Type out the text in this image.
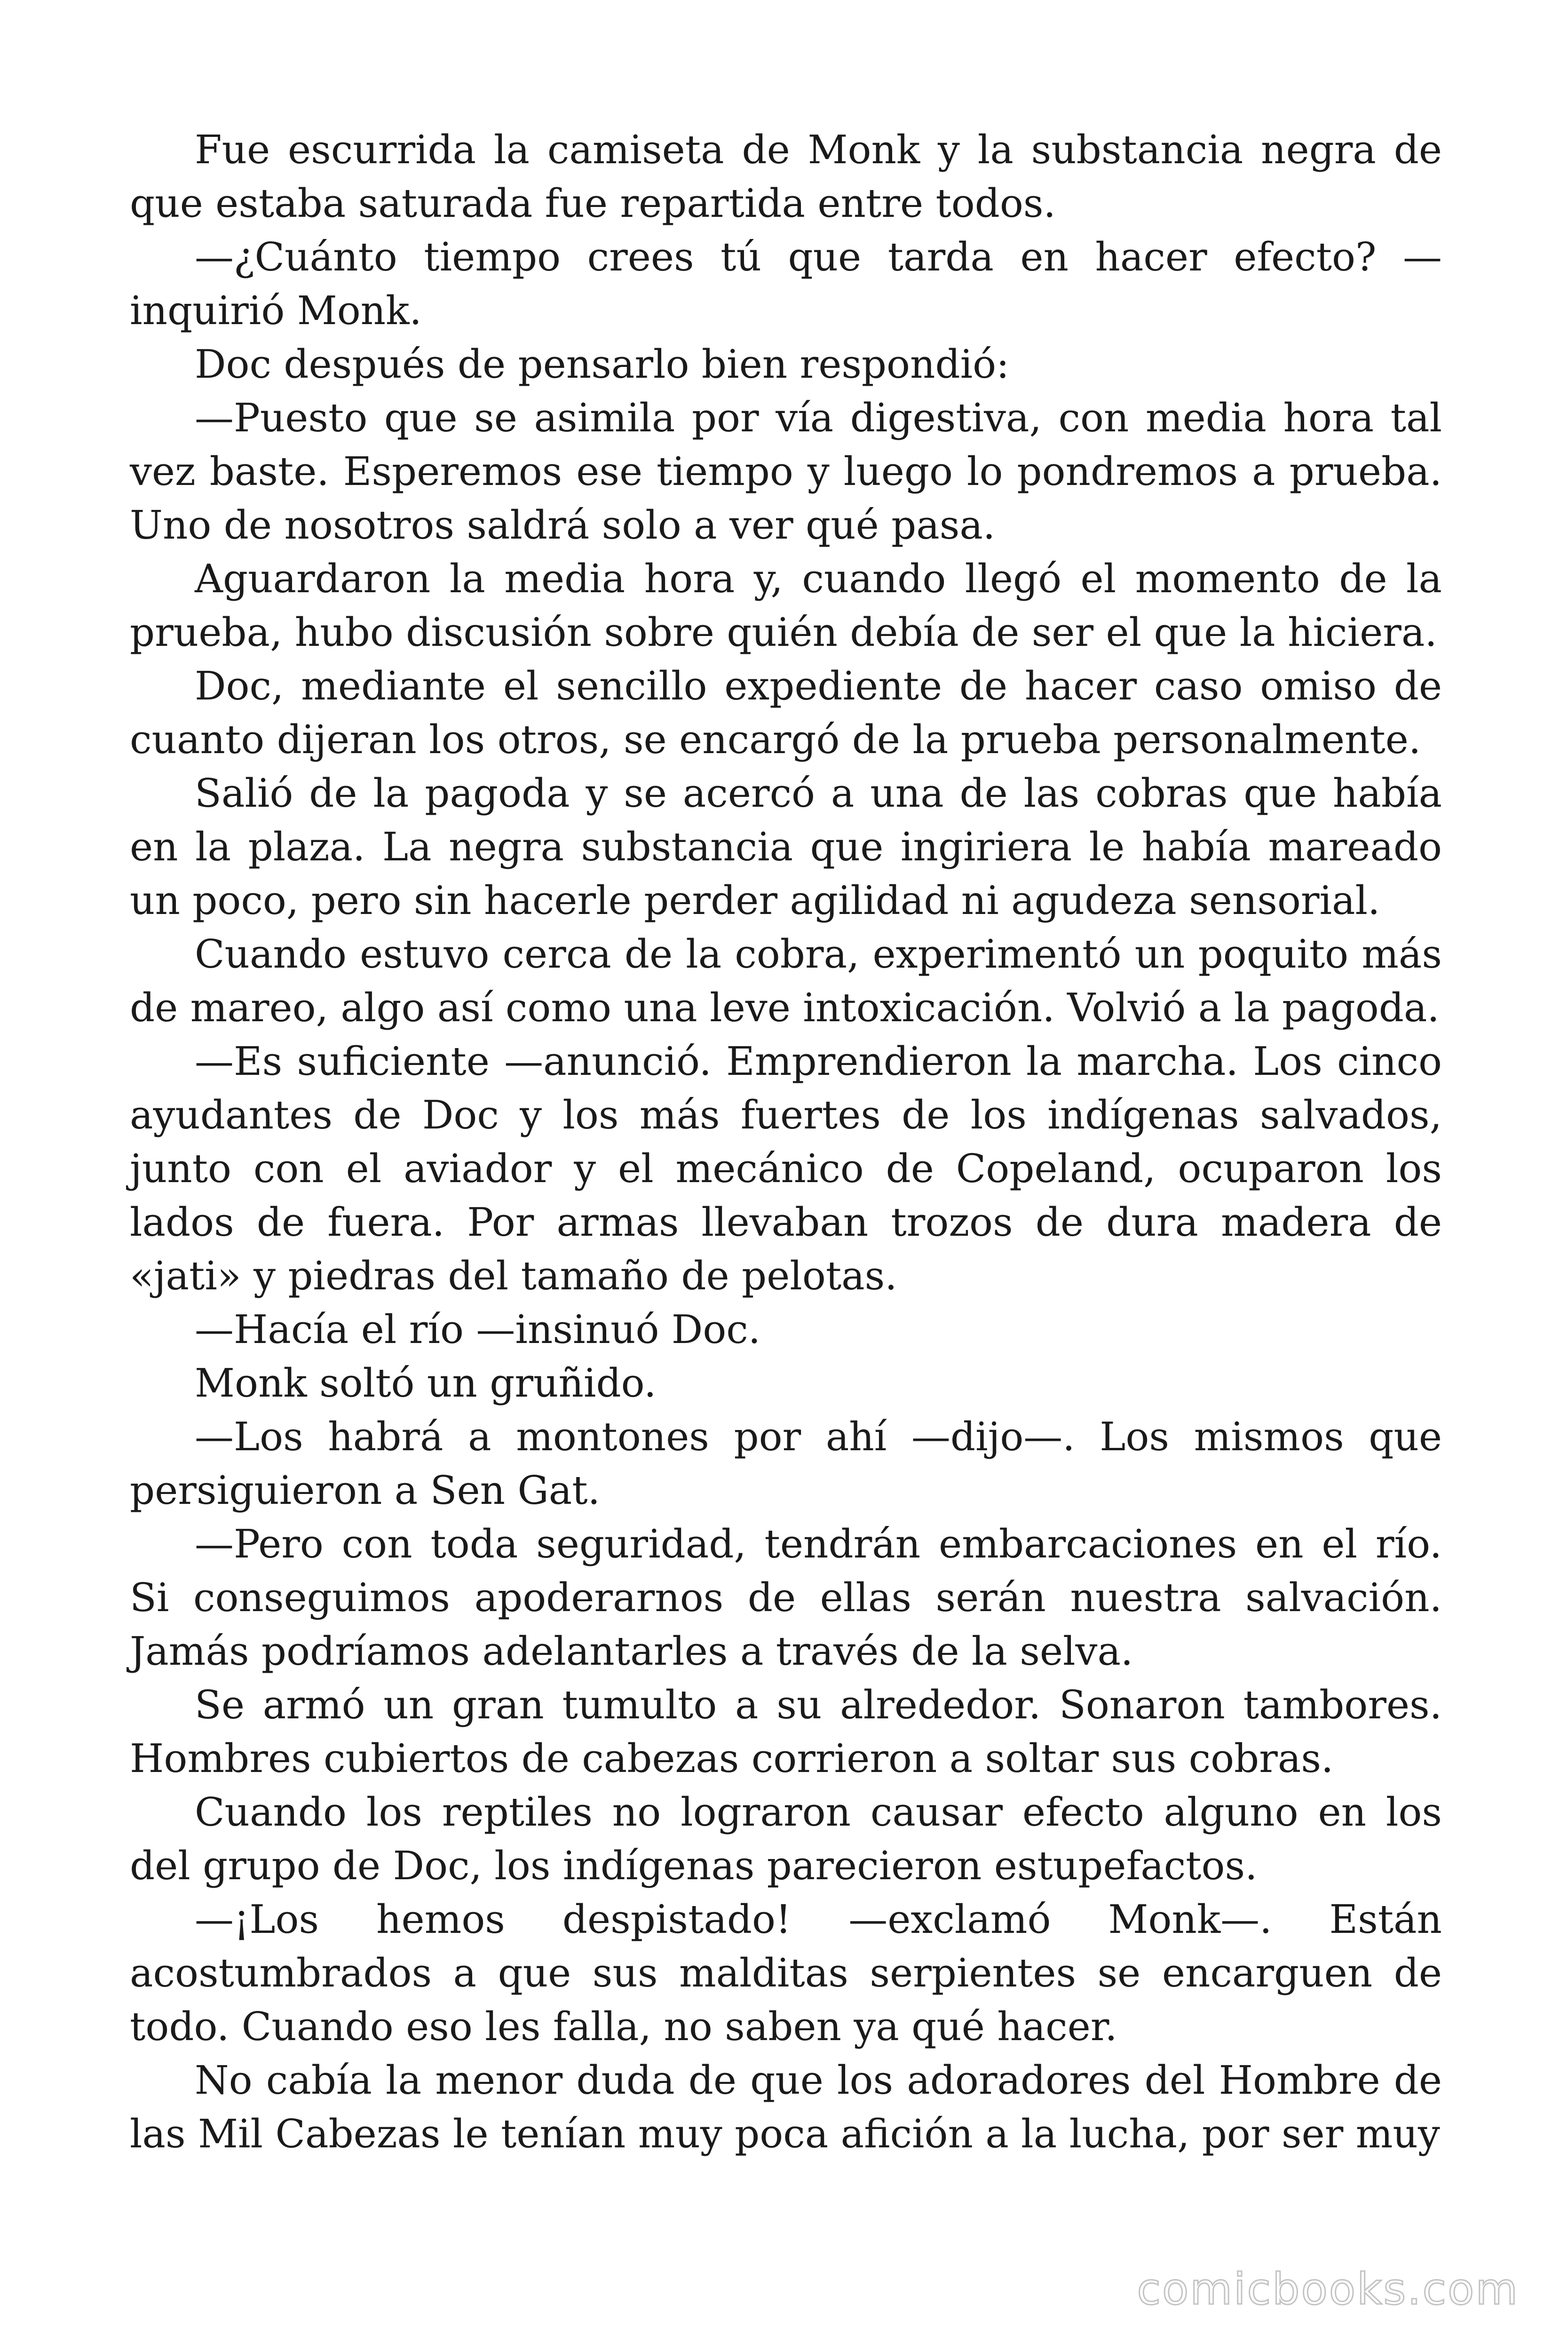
Fue escurrida la camiseta de Monk y la substancia negra de que estaba saturada fue repartida entre todos.

—¿Cuánto tiempo crees tú que tarda en hacer efecto? —inquirió Monk.

Doc después de pensarlo bien respondió:

—Puesto que se asimila por vía digestiva, con media hora tal vez baste. Esperemos ese tiempo y luego lo pondremos a prueba. Uno de nosotros saldrá solo a ver qué pasa.

Aguardaron la media hora y, cuando llegó el momento de la prueba, hubo discusión sobre quién debía de ser el que la hiciera.

Doc, mediante el sencillo expediente de hacer caso omiso de cuanto dijeran los otros, se encargó de la prueba personalmente.

Salió de la pagoda y se acercó a una de las cobras que había en la plaza. La negra substancia que ingiriera le había mareado un poco, pero sin hacerle perder agilidad ni agudeza sensorial.

Cuando estuvo cerca de la cobra, experimentó un poquito más de mareo, algo así como una leve intoxicación. Volvió a la pagoda.

—Es suficiente —anunció. Emprendieron la marcha. Los cinco ayudantes de Doc y los más fuertes de los indígenas salvados, junto con el aviador y el mecánico de Copeland, ocuparon los lados de fuera. Por armas llevaban trozos de dura madera de «jati» y piedras del tamaño de pelotas.

—Hacía el río —insinuó Doc.

Monk soltó un gruñido.

—Los habrá a montones por ahí —dijo—. Los mismos que persiguieron a Sen Gat.

—Pero con toda seguridad, tendrán embarcaciones en el río. Si conseguimos apoderarnos de ellas serán nuestra salvación. Jamás podríamos adelantarles a través de la selva.

Se armó un gran tumulto a su alrededor. Sonaron tambores. Hombres cubiertos de cabezas corrieron a soltar sus cobras.

Cuando los reptiles no lograron causar efecto alguno en los del grupo de Doc, los indígenas parecieron estupefactos.

—¡Los hemos despistado! —exclamó Monk—. Están acostumbrados a que sus malditas serpientes se encarguen de todo. Cuando eso les falla, no saben ya qué hacer.

No cabía la menor duda de que los adoradores del Hombre de las Mil Cabezas le tenían muy poca afición a la lucha, por ser muy

comicbooks.com
